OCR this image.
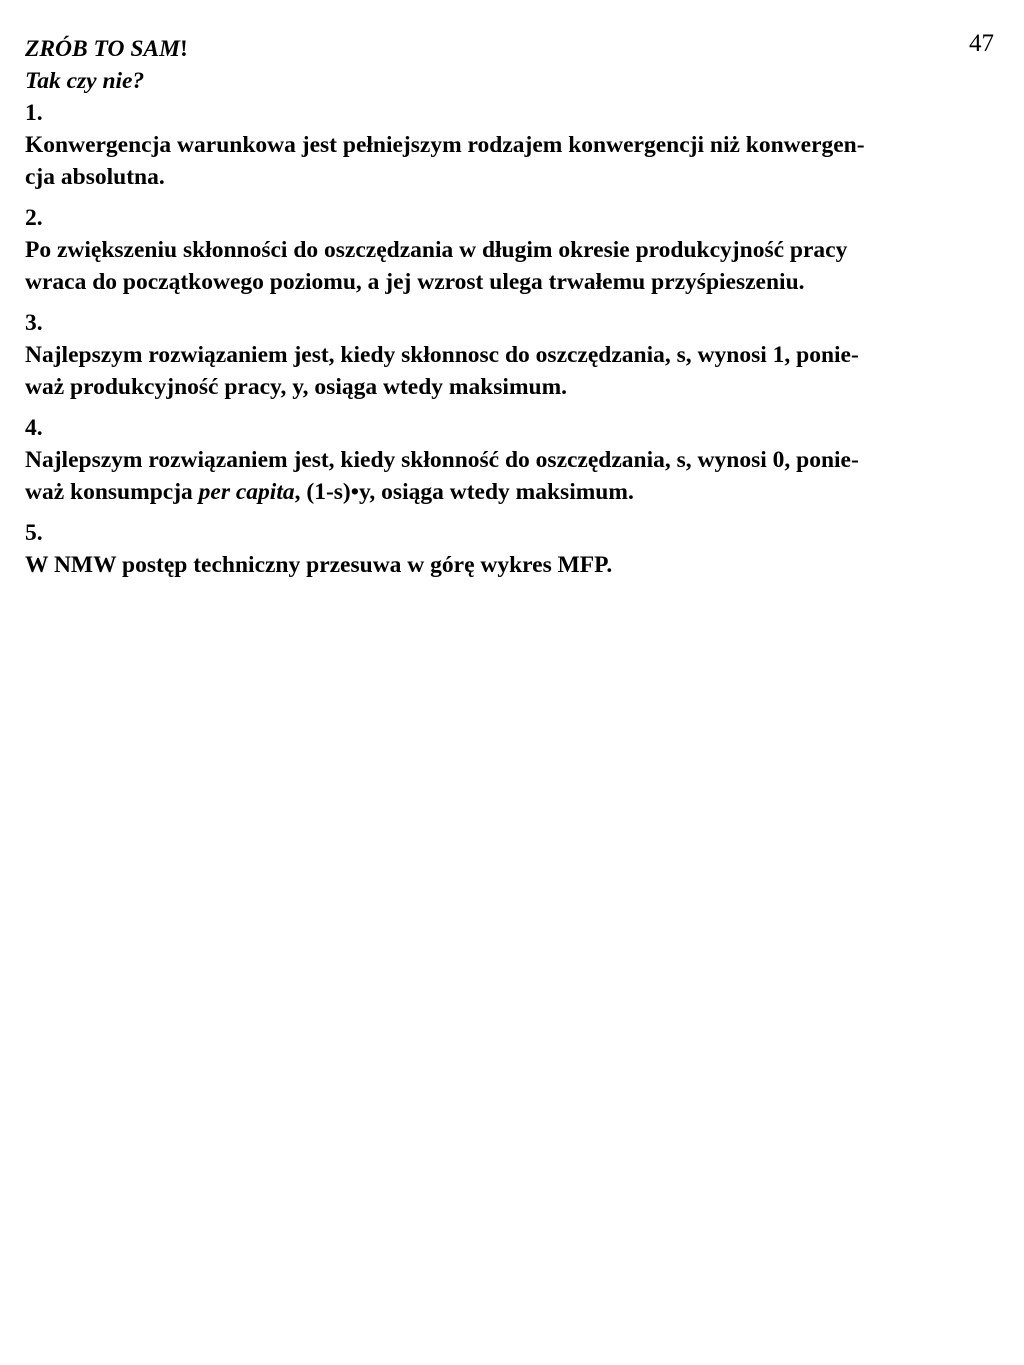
47
ZRÓB TO SAM!
Tak czy nie?
1.
Konwergencja warunkowa jest pełniejszym rodzajem konwergencji niż konwergen-
cja absolutna.
2.
Po zwiększeniu skłonności do oszczędzania w długim okresie produkcyjność pracy
wraca do początkowego poziomu, a jej wzrost ulega trwałemu przyśpieszeniu.
3.
Najlepszym rozwiązaniem jest, kiedy skłonnosc do oszczędzania, s, wynosi 1, ponie-
waż produkcyjność pracy, y, osiąga wtedy maksimum.
4.
Najlepszym rozwiązaniem jest, kiedy skłonność do oszczędzania, s, wynosi 0, ponie-
waż konsumpcja per capita, (1-s)•y, osiąga wtedy maksimum.
5.
W NMW postęp techniczny przesuwa w górę wykres MFP.
